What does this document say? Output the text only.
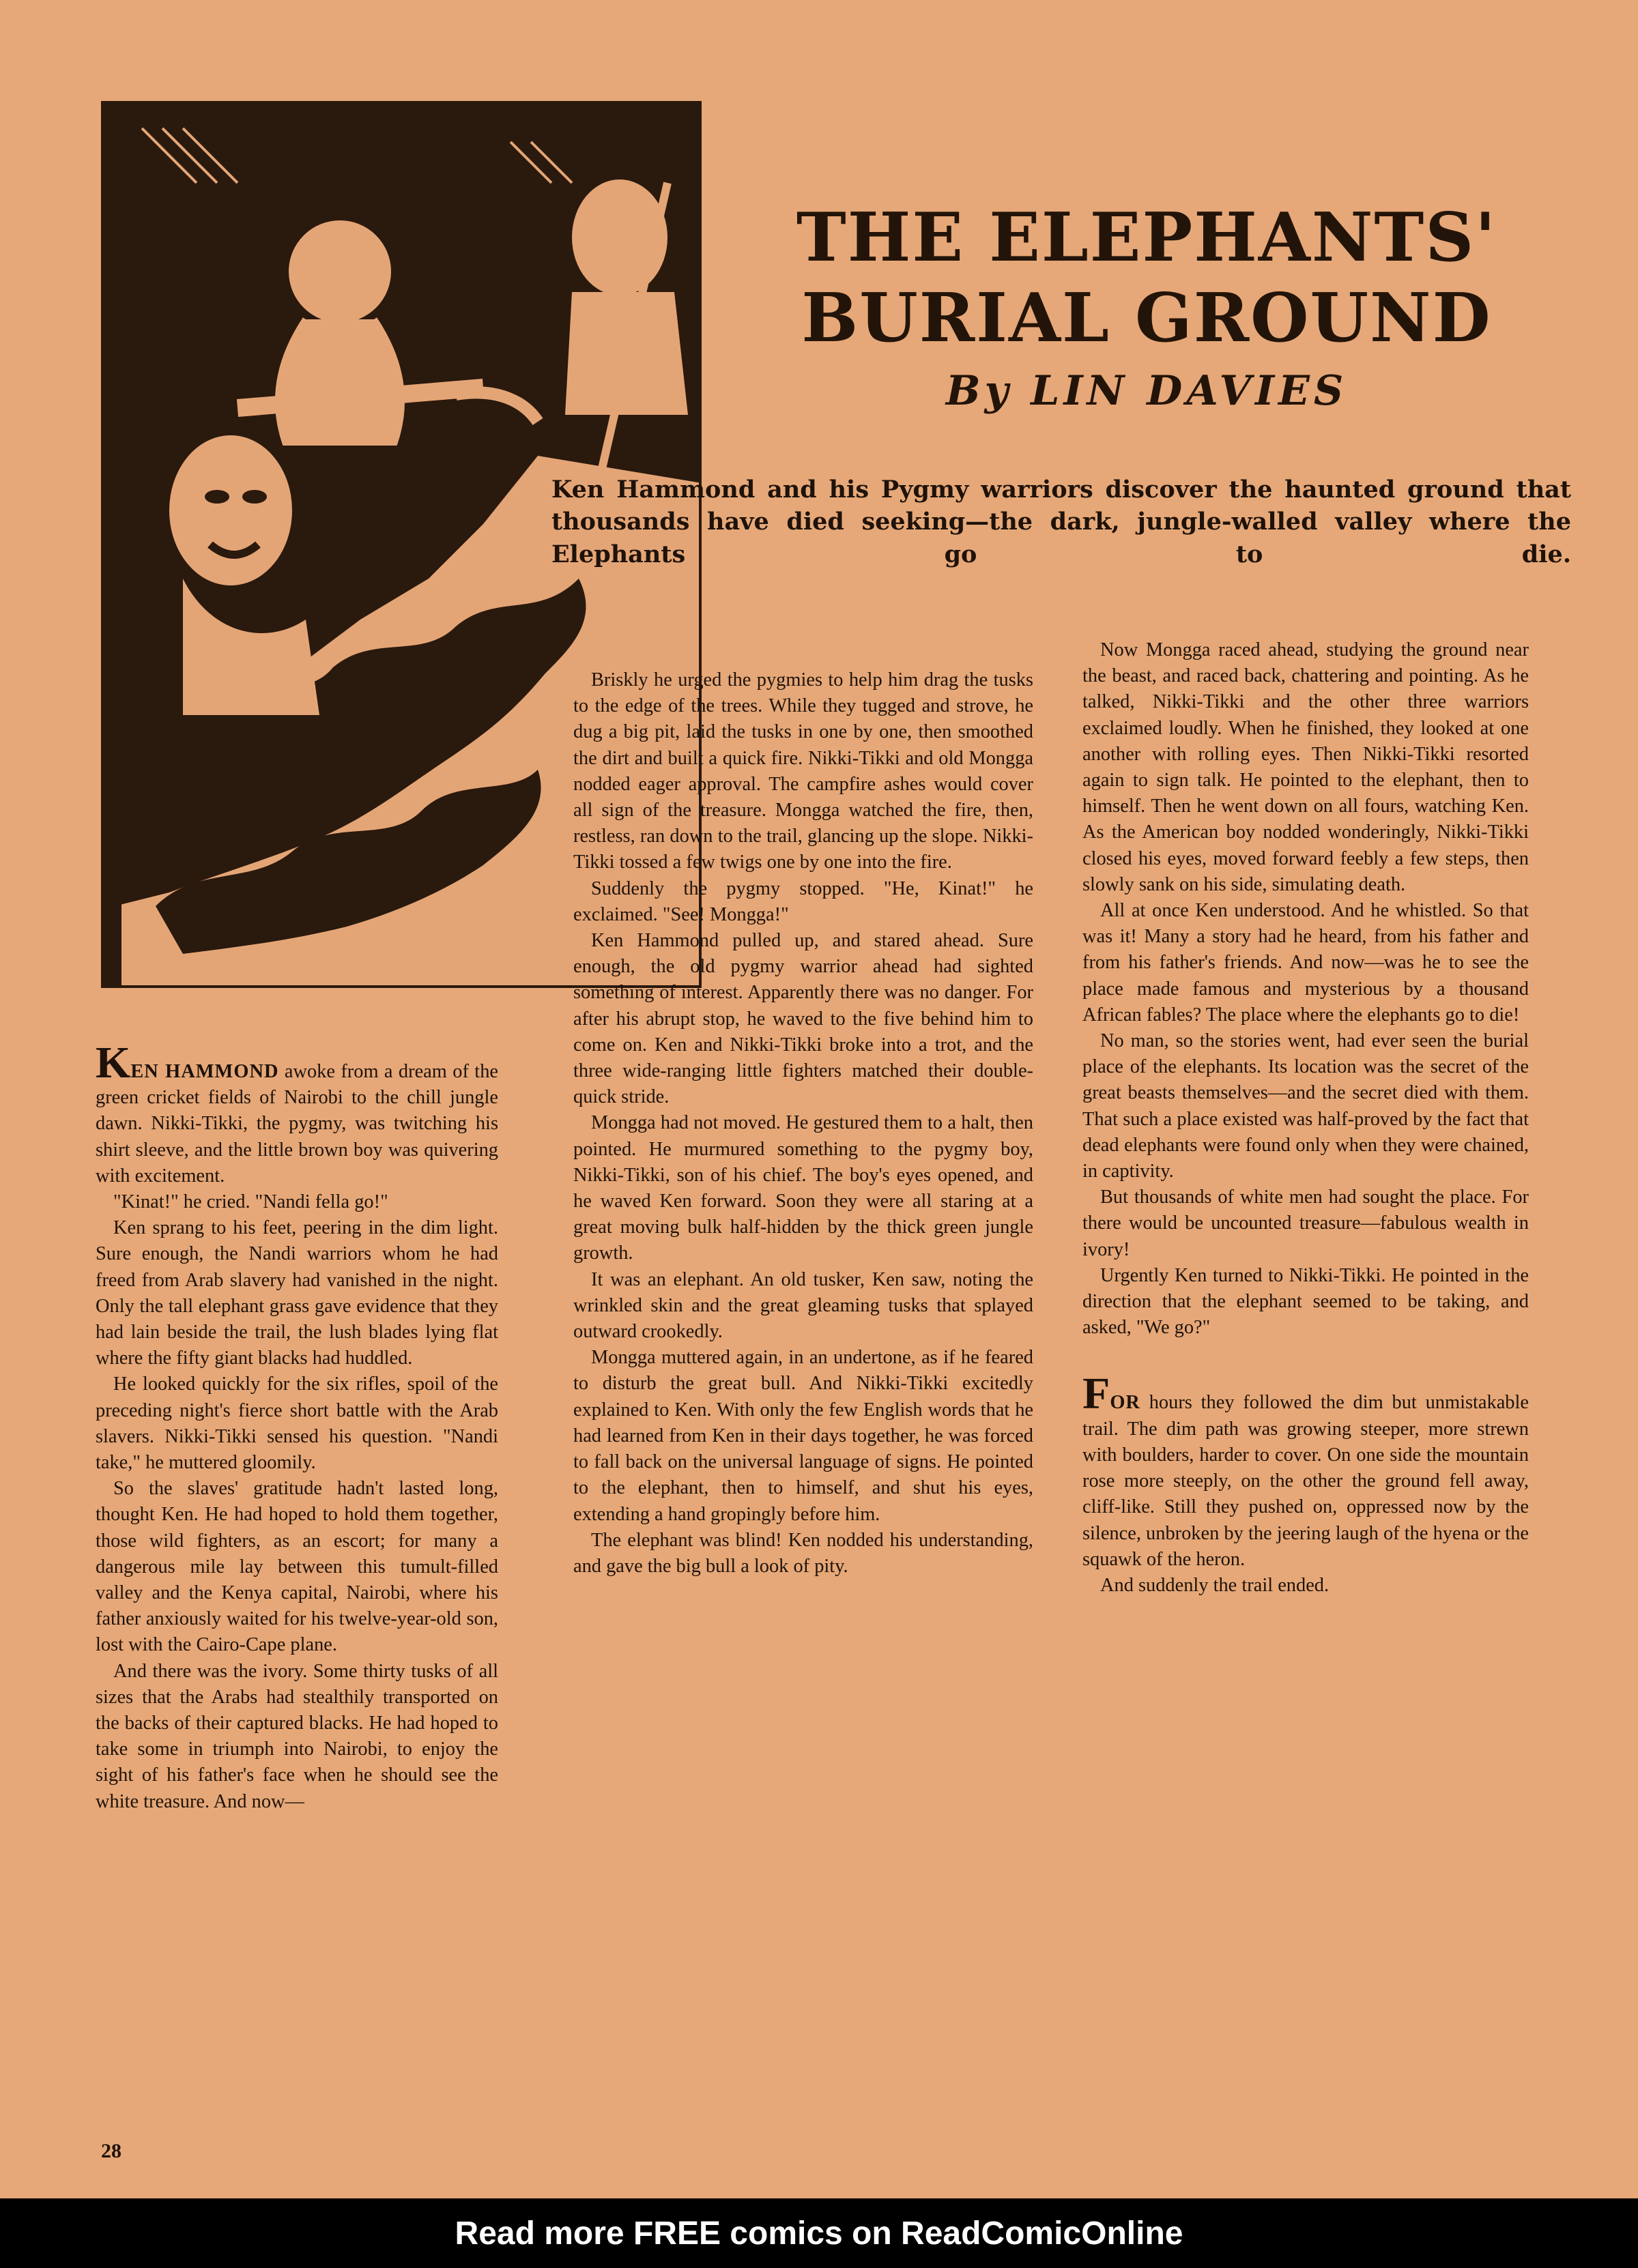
THE ELEPHANTS'
BURIAL GROUND
By LIN DAVIES

Ken Hammond and his Pygmy warriors discover the haunted ground that thousands have died seeking—the dark, jungle-walled valley where the Elephants go to die.

KEN HAMMOND awoke from a dream of the green cricket fields of Nairobi to the chill jungle dawn. Nikki-Tikki, the pygmy, was twitching his shirt sleeve, and the little brown boy was quivering with excitement.

"Kinat!" he cried. "Nandi fella go!"

Ken sprang to his feet, peering in the dim light. Sure enough, the Nandi warriors whom he had freed from Arab slavery had vanished in the night. Only the tall elephant grass gave evidence that they had lain beside the trail, the lush blades lying flat where the fifty giant blacks had huddled.

He looked quickly for the six rifles, spoil of the preceding night's fierce short battle with the Arab slavers. Nikki-Tikki sensed his question. "Nandi take," he muttered gloomily.

So the slaves' gratitude hadn't lasted long, thought Ken. He had hoped to hold them together, those wild fighters, as an escort; for many a dangerous mile lay between this tumult-filled valley and the Kenya capital, Nairobi, where his father anxiously waited for his twelve-year-old son, lost with the Cairo-Cape plane.

And there was the ivory. Some thirty tusks of all sizes that the Arabs had stealthily transported on the backs of their captured blacks. He had hoped to take some in triumph into Nairobi, to enjoy the sight of his father's face when he should see the white treasure. And now—

Briskly he urged the pygmies to help him drag the tusks to the edge of the trees. While they tugged and strove, he dug a big pit, laid the tusks in one by one, then smoothed the dirt and built a quick fire. Nikki-Tikki and old Mongga nodded eager approval. The campfire ashes would cover all sign of the treasure. Mongga watched the fire, then, restless, ran down to the trail, glancing up the slope. Nikki-Tikki tossed a few twigs one by one into the fire.

Suddenly the pygmy stopped. "He, Kinat!" he exclaimed. "See! Mongga!"

Ken Hammond pulled up, and stared ahead. Sure enough, the old pygmy warrior ahead had sighted something of interest. Apparently there was no danger. For after his abrupt stop, he waved to the five behind him to come on. Ken and Nikki-Tikki broke into a trot, and the three wide-ranging little fighters matched their double-quick stride.

Mongga had not moved. He gestured them to a halt, then pointed. He murmured something to the pygmy boy, Nikki-Tikki, son of his chief. The boy's eyes opened, and he waved Ken forward. Soon they were all staring at a great moving bulk half-hidden by the thick green jungle growth.

It was an elephant. An old tusker, Ken saw, noting the wrinkled skin and the great gleaming tusks that splayed outward crookedly.

Mongga muttered again, in an undertone, as if he feared to disturb the great bull. And Nikki-Tikki excitedly explained to Ken. With only the few English words that he had learned from Ken in their days together, he was forced to fall back on the universal language of signs. He pointed to the elephant, then to himself, and shut his eyes, extending a hand gropingly before him.

The elephant was blind! Ken nodded his understanding, and gave the big bull a look of pity.

Now Mongga raced ahead, studying the ground near the beast, and raced back, chattering and pointing. As he talked, Nikki-Tikki and the other three warriors exclaimed loudly. When he finished, they looked at one another with rolling eyes. Then Nikki-Tikki resorted again to sign talk. He pointed to the elephant, then to himself. Then he went down on all fours, watching Ken. As the American boy nodded wonderingly, Nikki-Tikki closed his eyes, moved forward feebly a few steps, then slowly sank on his side, simulating death.

All at once Ken understood. And he whistled. So that was it! Many a story had he heard, from his father and from his father's friends. And now—was he to see the place made famous and mysterious by a thousand African fables? The place where the elephants go to die!

No man, so the stories went, had ever seen the burial place of the elephants. Its location was the secret of the great beasts themselves—and the secret died with them. That such a place existed was half-proved by the fact that dead elephants were found only when they were chained, in captivity.

But thousands of white men had sought the place. For there would be uncounted treasure—fabulous wealth in ivory!

Urgently Ken turned to Nikki-Tikki. He pointed in the direction that the elephant seemed to be taking, and asked, "We go?"

FOR hours they followed the dim but unmistakable trail. The dim path was growing steeper, more strewn with boulders, harder to cover. On one side the mountain rose more steeply, on the other the ground fell away, cliff-like. Still they pushed on, oppressed now by the silence, unbroken by the jeering laugh of the hyena or the squawk of the heron.

And suddenly the trail ended.

28
Read more FREE comics on ReadComicOnline
